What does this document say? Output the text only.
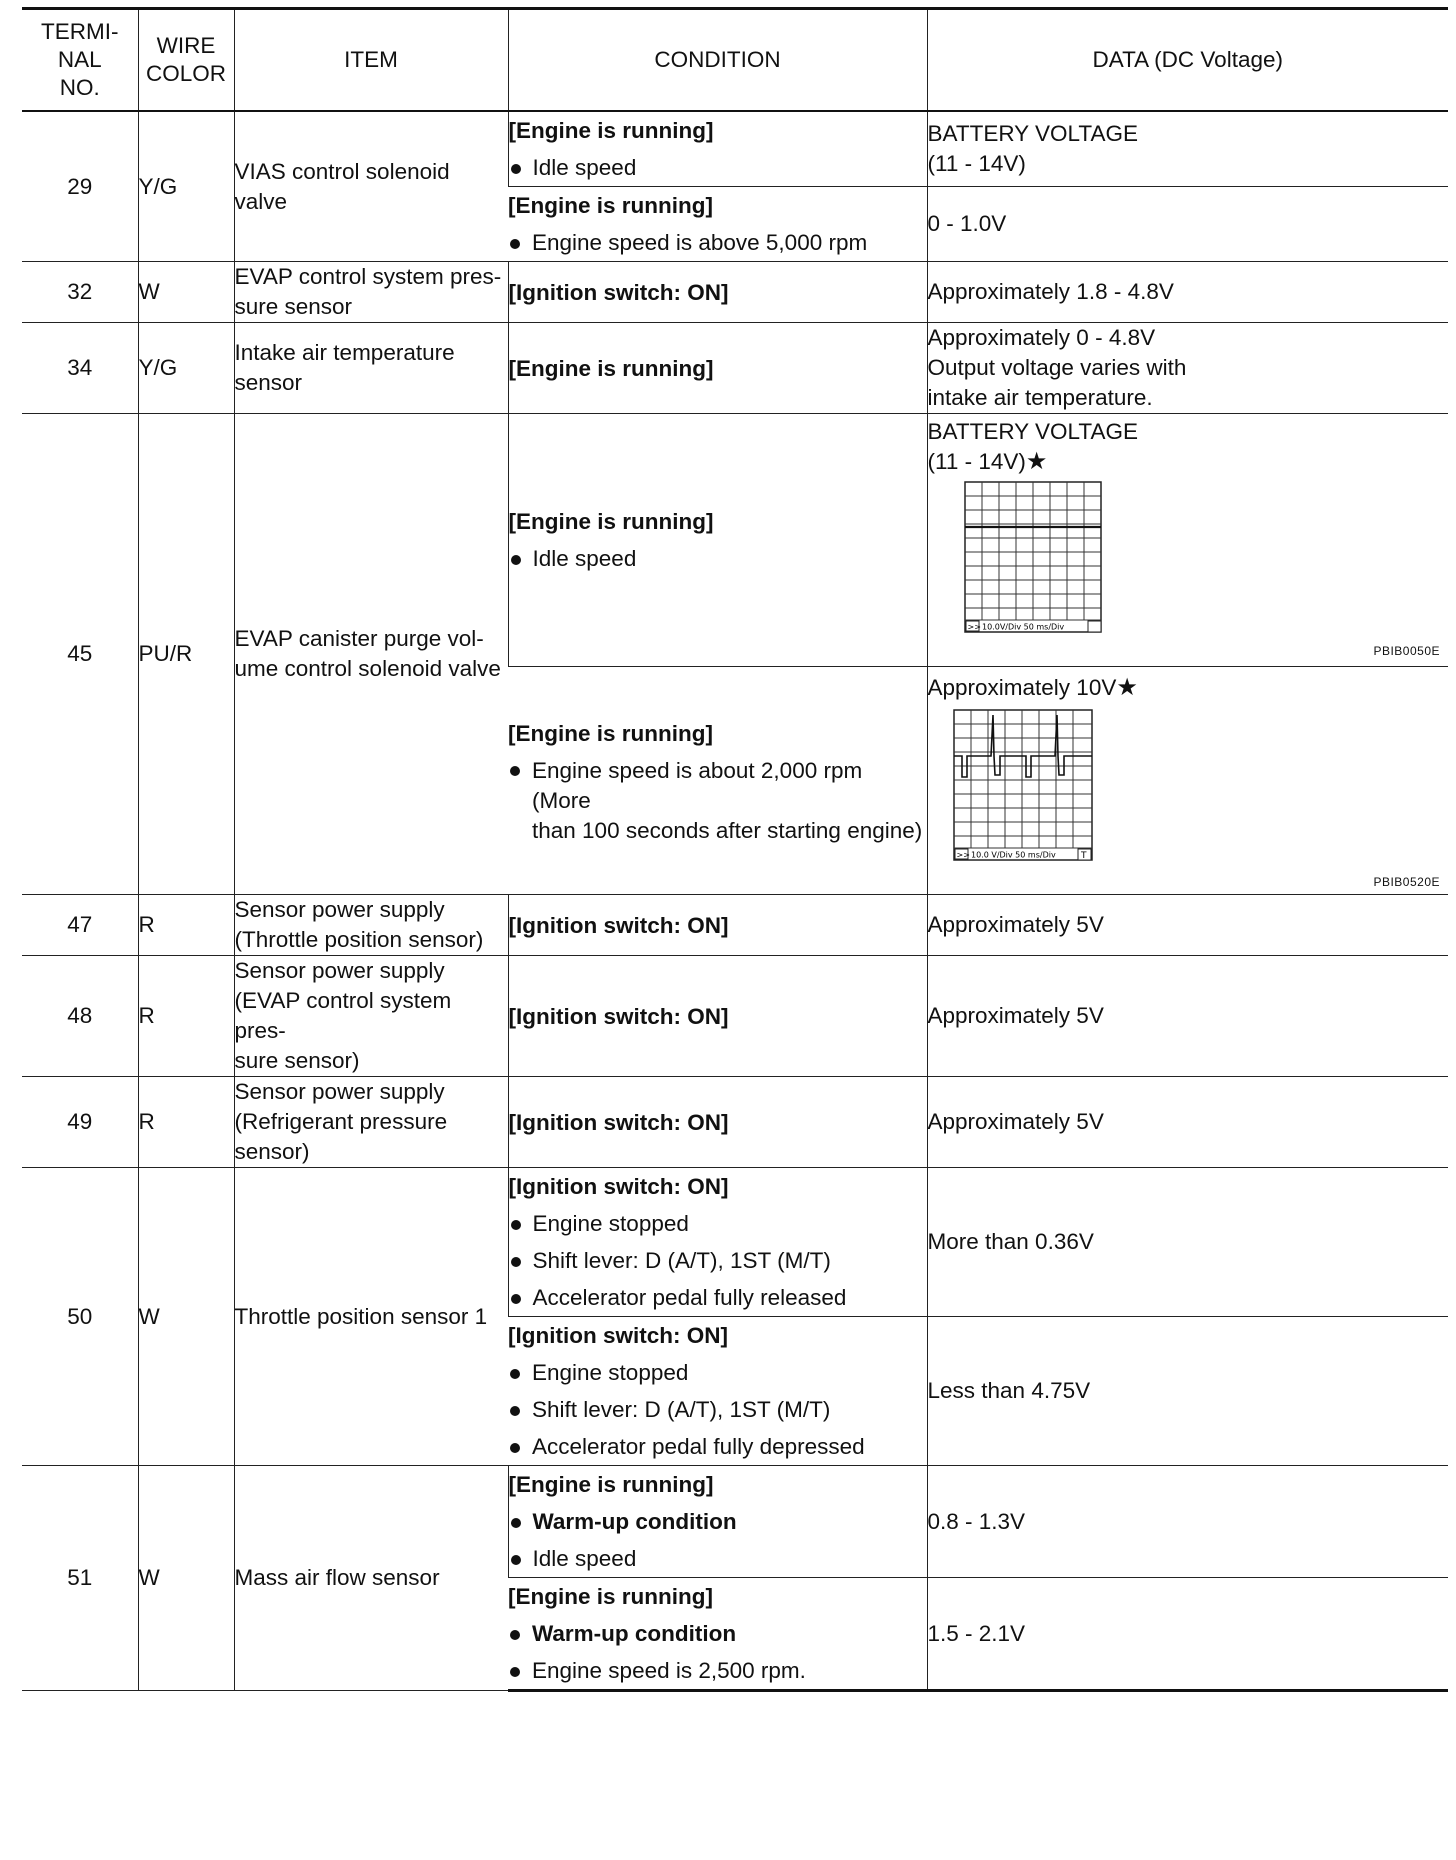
TERMI-
NAL
NO.	WIRE
COLOR	ITEM	CONDITION	DATA (DC Voltage)
29	Y/G	VIAS control solenoid valve	[Engine is running]
Idle speed	BATTERY VOLTAGE
(11 - 14V)

			[Engine is running]
Engine speed is above 5,000 rpm	0 - 1.0V
32	W	EVAP control system pres-
sure sensor	[Ignition switch: ON]	Approximately 1.8 - 4.8V
34	Y/G	Intake air temperature
sensor	[Engine is running]	Approximately 0 - 4.8V
Output voltage varies with
intake air temperature.

45	PU/R	EVAP canister purge vol-
ume control solenoid valve	[Engine is running]
Idle speed	BATTERY VOLTAGE
(11 - 14V)★
>> 10.0V/Div 50 ms/Div
PBIB0050E

			[Engine is running]
Engine speed is about 2,000 rpm (More
than 100 seconds after starting engine)	Approximately 10V★
>> 10.0 V/Div 50 ms/Div T
PBIB0520E

47	R	Sensor power supply
(Throttle position sensor)	[Ignition switch: ON]	Approximately 5V
48	R	Sensor power supply
(EVAP control system pres-
sure sensor)	[Ignition switch: ON]	Approximately 5V
49	R	Sensor power supply
(Refrigerant pressure
sensor)	[Ignition switch: ON]	Approximately 5V
50	W	Throttle position sensor 1	[Ignition switch: ON]
Engine stopped
Shift lever: D (A/T), 1ST (M/T)
Accelerator pedal fully released	More than 0.36V

			[Ignition switch: ON]
Engine stopped
Shift lever: D (A/T), 1ST (M/T)
Accelerator pedal fully depressed	Less than 4.75V
51	W	Mass air flow sensor	[Engine is running]
Warm-up condition
Idle speed	0.8 - 1.3V

			[Engine is running]
Warm-up condition
Engine speed is 2,500 rpm.	1.5 - 2.1V
